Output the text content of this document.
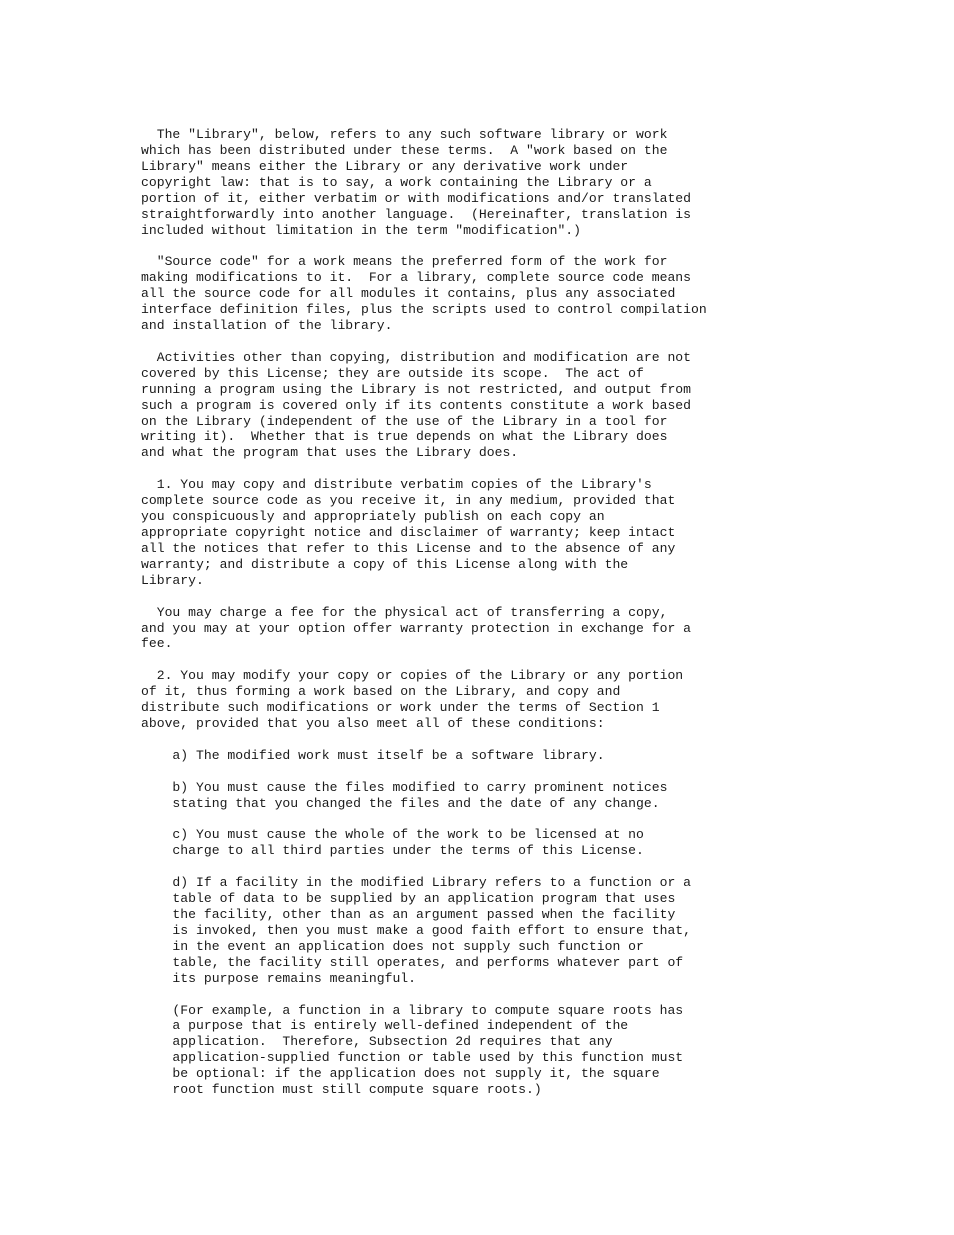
The "Library", below, refers to any such software library or work
which has been distributed under these terms.  A "work based on the
Library" means either the Library or any derivative work under
copyright law: that is to say, a work containing the Library or a
portion of it, either verbatim or with modifications and/or translated
straightforwardly into another language.  (Hereinafter, translation is
included without limitation in the term "modification".)

"Source code" for a work means the preferred form of the work for
making modifications to it.  For a library, complete source code means
all the source code for all modules it contains, plus any associated
interface definition files, plus the scripts used to control compilation
and installation of the library.

Activities other than copying, distribution and modification are not
covered by this License; they are outside its scope.  The act of
running a program using the Library is not restricted, and output from
such a program is covered only if its contents constitute a work based
on the Library (independent of the use of the Library in a tool for
writing it).  Whether that is true depends on what the Library does
and what the program that uses the Library does.

1. You may copy and distribute verbatim copies of the Library's
complete source code as you receive it, in any medium, provided that
you conspicuously and appropriately publish on each copy an
appropriate copyright notice and disclaimer of warranty; keep intact
all the notices that refer to this License and to the absence of any
warranty; and distribute a copy of this License along with the
Library.

You may charge a fee for the physical act of transferring a copy,
and you may at your option offer warranty protection in exchange for a
fee.

2. You may modify your copy or copies of the Library or any portion
of it, thus forming a work based on the Library, and copy and
distribute such modifications or work under the terms of Section 1
above, provided that you also meet all of these conditions:

a) The modified work must itself be a software library.

b) You must cause the files modified to carry prominent notices
stating that you changed the files and the date of any change.

c) You must cause the whole of the work to be licensed at no
charge to all third parties under the terms of this License.

d) If a facility in the modified Library refers to a function or a
table of data to be supplied by an application program that uses
the facility, other than as an argument passed when the facility
is invoked, then you must make a good faith effort to ensure that,
in the event an application does not supply such function or
table, the facility still operates, and performs whatever part of
its purpose remains meaningful.

(For example, a function in a library to compute square roots has
a purpose that is entirely well-defined independent of the
application.  Therefore, Subsection 2d requires that any
application-supplied function or table used by this function must
be optional: if the application does not supply it, the square
root function must still compute square roots.)
